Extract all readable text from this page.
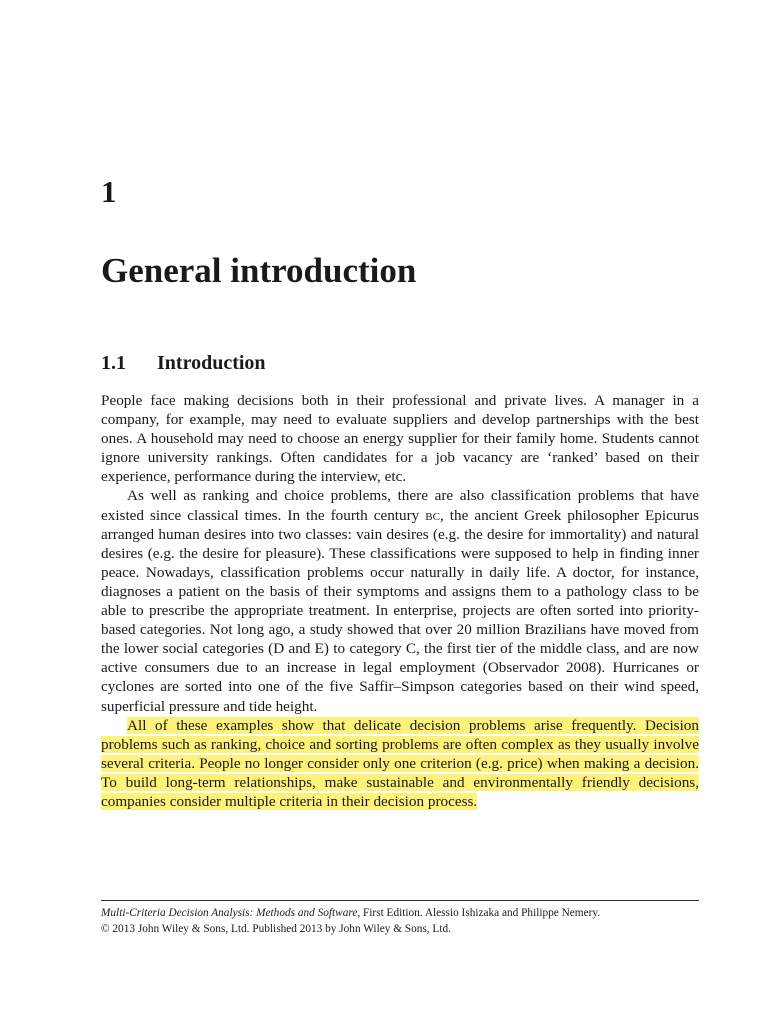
1
General introduction
1.1 Introduction

People face making decisions both in their professional and private lives. A manager in a company, for example, may need to evaluate suppliers and develop partnerships with the best ones. A household may need to choose an energy supplier for their family home. Students cannot ignore university rankings. Often candidates for a job vacancy are ‘ranked’ based on their experience, performance during the interview, etc.

As well as ranking and choice problems, there are also classification problems that have existed since classical times. In the fourth century bc, the ancient Greek philosopher Epicurus arranged human desires into two classes: vain desires (e.g. the desire for immortality) and natural desires (e.g. the desire for pleasure). These classifications were supposed to help in finding inner peace. Nowadays, classification problems occur naturally in daily life. A doctor, for instance, diagnoses a patient on the basis of their symptoms and assigns them to a pathology class to be able to prescribe the appropriate treatment. In enterprise, projects are often sorted into priority-based categories. Not long ago, a study showed that over 20 million Brazilians have moved from the lower social categories (D and E) to category C, the first tier of the middle class, and are now active consumers due to an increase in legal employment (Observador 2008). Hurricanes or cyclones are sorted into one of the five Saffir–Simpson categories based on their wind speed, superficial pressure and tide height.

All of these examples show that delicate decision problems arise frequently. Decision problems such as ranking, choice and sorting problems are often complex as they usually involve several criteria. People no longer consider only one criterion (e.g. price) when making a decision. To build long-term relationships, make sustainable and environmentally friendly decisions, companies consider multiple criteria in their decision process.

Multi-Criteria Decision Analysis: Methods and Software, First Edition. Alessio Ishizaka and Philippe Nemery.
© 2013 John Wiley & Sons, Ltd. Published 2013 by John Wiley & Sons, Ltd.
